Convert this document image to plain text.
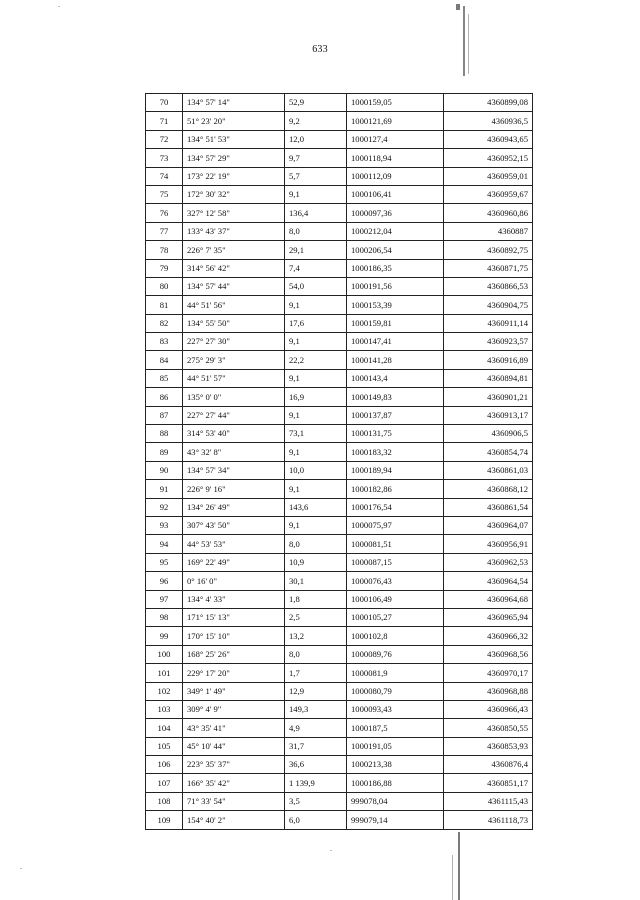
633
70	134° 57' 14"	52,9	1000159,05	4360899,08
71	51° 23' 20"	9,2	1000121,69	4360936,5
72	134° 51' 53"	12,0	1000127,4	4360943,65
73	134° 57' 29"	9,7	1000118,94	4360952,15
74	173° 22' 19"	5,7	1000112,09	4360959,01
75	172° 30' 32"	9,1	1000106,41	4360959,67
76	327° 12' 58"	136,4	1000097,36	4360960,86
77	133° 43' 37"	8,0	1000212,04	4360887
78	226° 7' 35"	29,1	1000206,54	4360892,75
79	314° 56' 42"	7,4	1000186,35	4360871,75
80	134° 57' 44"	54,0	1000191,56	4360866,53
81	44° 51' 56"	9,1	1000153,39	4360904,75
82	134° 55' 50"	17,6	1000159,81	4360911,14
83	227° 27' 30"	9,1	1000147,41	4360923,57
84	275° 29' 3"	22,2	1000141,28	4360916,89
85	44° 51' 57"	9,1	1000143,4	4360894,81
86	135° 0' 0"	16,9	1000149,83	4360901,21
87	227° 27' 44"	9,1	1000137,87	4360913,17
88	314° 53' 40"	73,1	1000131,75	4360906,5
89	43° 32' 8"	9,1	1000183,32	4360854,74
90	134° 57' 34"	10,0	1000189,94	4360861,03
91	226° 9' 16"	9,1	1000182,86	4360868,12
92	134° 26' 49"	143,6	1000176,54	4360861,54
93	307° 43' 50"	9,1	1000075,97	4360964,07
94	44° 53' 53"	8,0	1000081,51	4360956,91
95	169° 22' 49"	10,9	1000087,15	4360962,53
96	0° 16' 0"	30,1	1000076,43	4360964,54
97	134° 4' 33"	1,8	1000106,49	4360964,68
98	171° 15' 13"	2,5	1000105,27	4360965,94
99	170° 15' 10"	13,2	1000102,8	4360966,32
100	168° 25' 26"	8,0	1000089,76	4360968,56
101	229° 17' 20"	1,7	1000081,9	4360970,17
102	349° 1' 49"	12,9	1000080,79	4360968,88
103	309° 4' 9"	149,3	1000093,43	4360966,43
104	43° 35' 41"	4,9	1000187,5	4360850,55
105	45° 10' 44"	31,7	1000191,05	4360853,93
106	223° 35' 37"	36,6	1000213,38	4360876,4
107	166° 35' 42"	1 139,9	1000186,88	4360851,17
108	71° 33' 54"	3,5	999078,04	4361115,43
109	154° 40' 2"	6,0	999079,14	4361118,73
